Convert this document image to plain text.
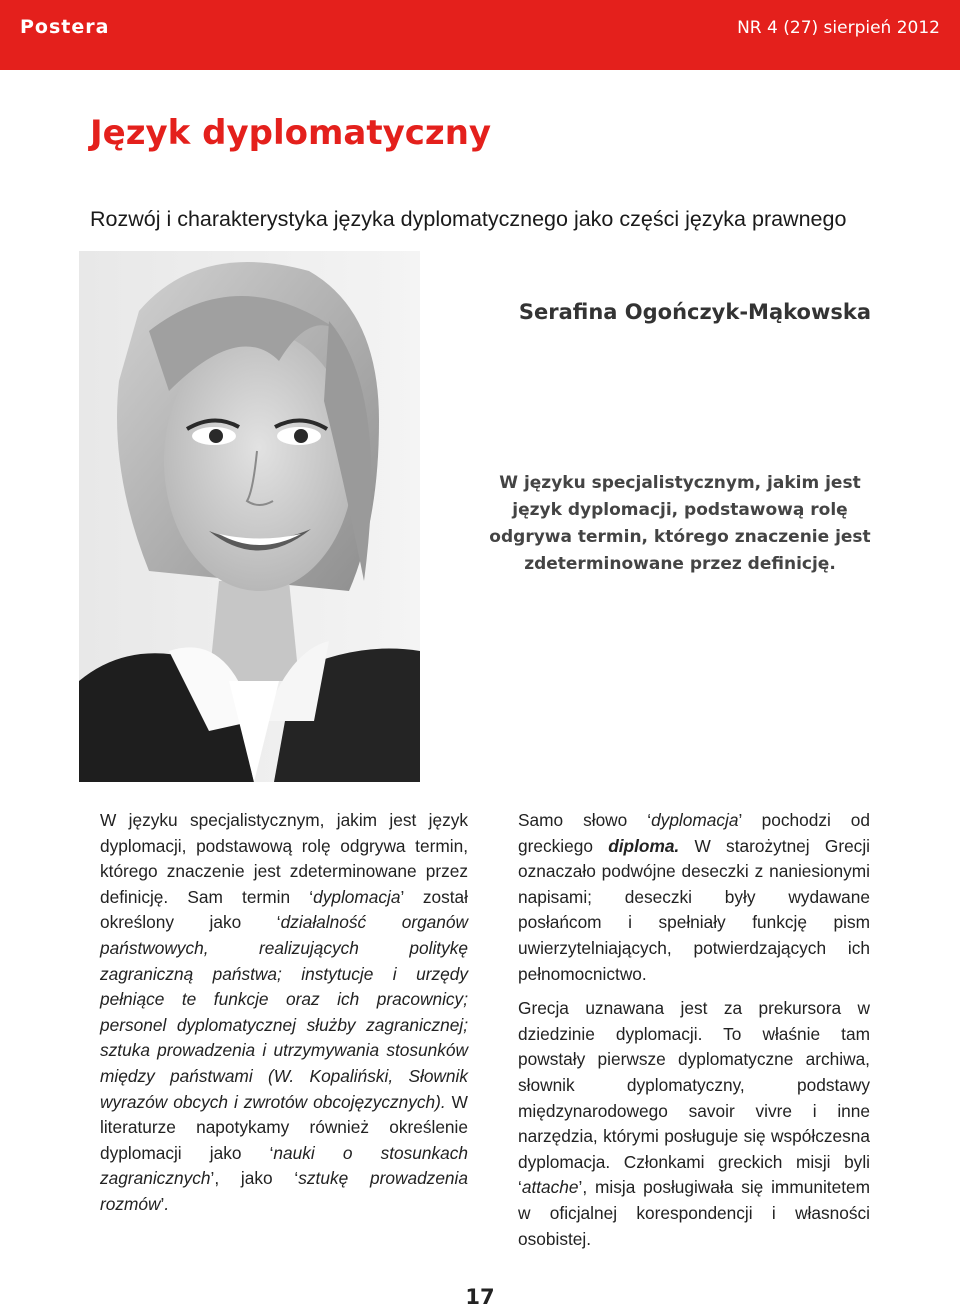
Postera	NR 4 (27) sierpień 2012
Język dyplomatyczny

Rozwój i charakterystyka języka dyplomatycznego jako części języka prawnego

Serafina Ogończyk-Mąkowska

W języku specjalistycznym, jakim jest język dyplomacji, podstawową rolę odgrywa termin, którego znaczenie jest zdeterminowane przez definicję.

W języku specjalistycznym, jakim jest język dyplomacji, podstawową rolę odgrywa termin, którego znaczenie jest zdeterminowane przez definicję. Sam termin ‘dyplomacja’ został określony jako ‘działalność organów państwowych, realizujących politykę zagraniczną państwa; instytucje i urzędy pełniące te funkcje oraz ich pracownicy; personel dyplomatycznej służby zagranicznej; sztuka prowadzenia i utrzymywania stosunków między państwami (W. Kopaliński, Słownik wyrazów obcych i zwrotów obcojęzycznych). W literaturze napotykamy również określenie dyplomacji jako ‘nauki o stosunkach zagranicznych’, jako ‘sztukę prowadzenia rozmów’.

Samo słowo ‘dyplomacja’ pochodzi od greckiego diploma. W starożytnej Grecji oznaczało podwójne deseczki z naniesionymi napisami; deseczki były wydawane posłańcom i spełniały funkcję pism uwierzytelniających, potwierdzających ich pełnomocnictwo.

Grecja uznawana jest za prekursora w dziedzinie dyplomacji. To właśnie tam powstały pierwsze dyplomatyczne archiwa, słownik dyplomatyczny, podstawy międzynarodowego savoir vivre i inne narzędzia, którymi posługuje się współczesna dyplomacja. Członkami greckich misji byli ‘attache’, misja posługiwała się immunitetem w oficjalnej korespondencji i własności osobistej.

17
